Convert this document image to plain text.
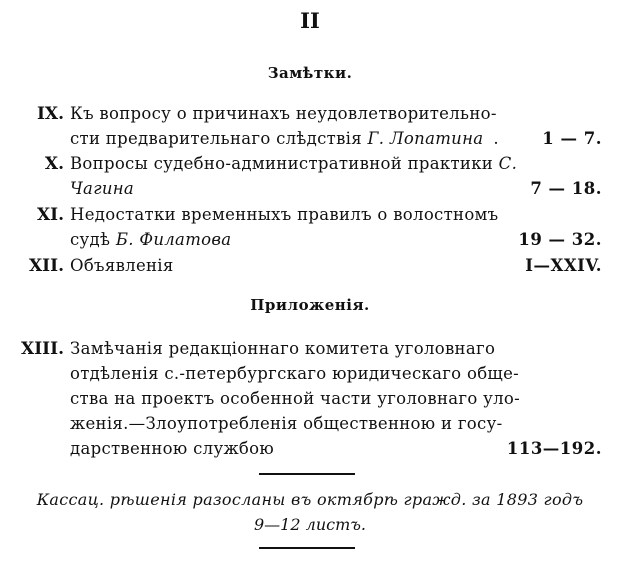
II
Замѣтки.
IX. Къ вопросу о причинахъ неудовлетворительно-
сти предварительнаго слѣдствія Г. Лопатина .	1 — 7.
X. Вопросы судебно-административной практики С.
Чагина	7 — 18.
XI. Недостатки временныхъ правилъ о волостномъ
судѣ Б. Филатова	19 — 32.
XII. Объявленія	I—XXIV.
Приложенія.
XIII. Замѣчанія редакціоннаго комитета уголовнаго
отдѣленія с.-петербургскаго юридическаго обще-
ства на проектъ особенной части уголовнаго уло-
женія.—Злоупотребленія общественною и госу-
дарственною службою	113—192.
Кассац. рѣшенія разосланы въ октябрѣ гражд. за 1893 годъ
9—12 листъ.
